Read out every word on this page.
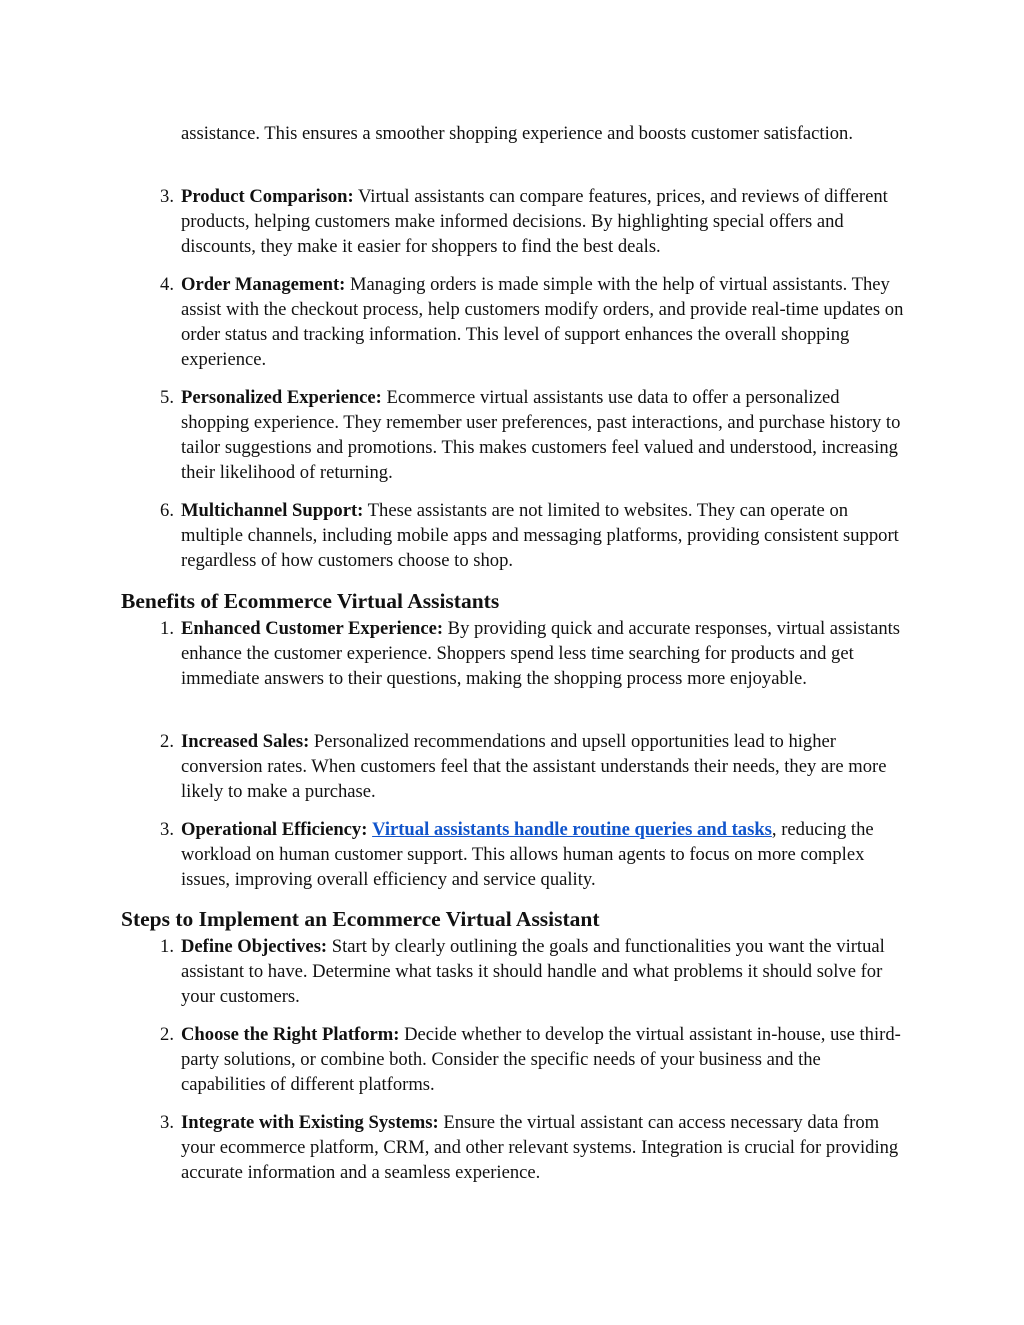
assistance. This ensures a smoother shopping experience and boosts customer satisfaction.
3. Product Comparison: Virtual assistants can compare features, prices, and reviews of different products, helping customers make informed decisions. By highlighting special offers and discounts, they make it easier for shoppers to find the best deals.
4. Order Management: Managing orders is made simple with the help of virtual assistants. They assist with the checkout process, help customers modify orders, and provide real-time updates on order status and tracking information. This level of support enhances the overall shopping experience.
5. Personalized Experience: Ecommerce virtual assistants use data to offer a personalized shopping experience. They remember user preferences, past interactions, and purchase history to tailor suggestions and promotions. This makes customers feel valued and understood, increasing their likelihood of returning.
6. Multichannel Support: These assistants are not limited to websites. They can operate on multiple channels, including mobile apps and messaging platforms, providing consistent support regardless of how customers choose to shop.
Benefits of Ecommerce Virtual Assistants
1. Enhanced Customer Experience: By providing quick and accurate responses, virtual assistants enhance the customer experience. Shoppers spend less time searching for products and get immediate answers to their questions, making the shopping process more enjoyable.
2. Increased Sales: Personalized recommendations and upsell opportunities lead to higher conversion rates. When customers feel that the assistant understands their needs, they are more likely to make a purchase.
3. Operational Efficiency: Virtual assistants handle routine queries and tasks, reducing the workload on human customer support. This allows human agents to focus on more complex issues, improving overall efficiency and service quality.
Steps to Implement an Ecommerce Virtual Assistant
1. Define Objectives: Start by clearly outlining the goals and functionalities you want the virtual assistant to have. Determine what tasks it should handle and what problems it should solve for your customers.
2. Choose the Right Platform: Decide whether to develop the virtual assistant in-house, use third-party solutions, or combine both. Consider the specific needs of your business and the capabilities of different platforms.
3. Integrate with Existing Systems: Ensure the virtual assistant can access necessary data from your ecommerce platform, CRM, and other relevant systems. Integration is crucial for providing accurate information and a seamless experience.
